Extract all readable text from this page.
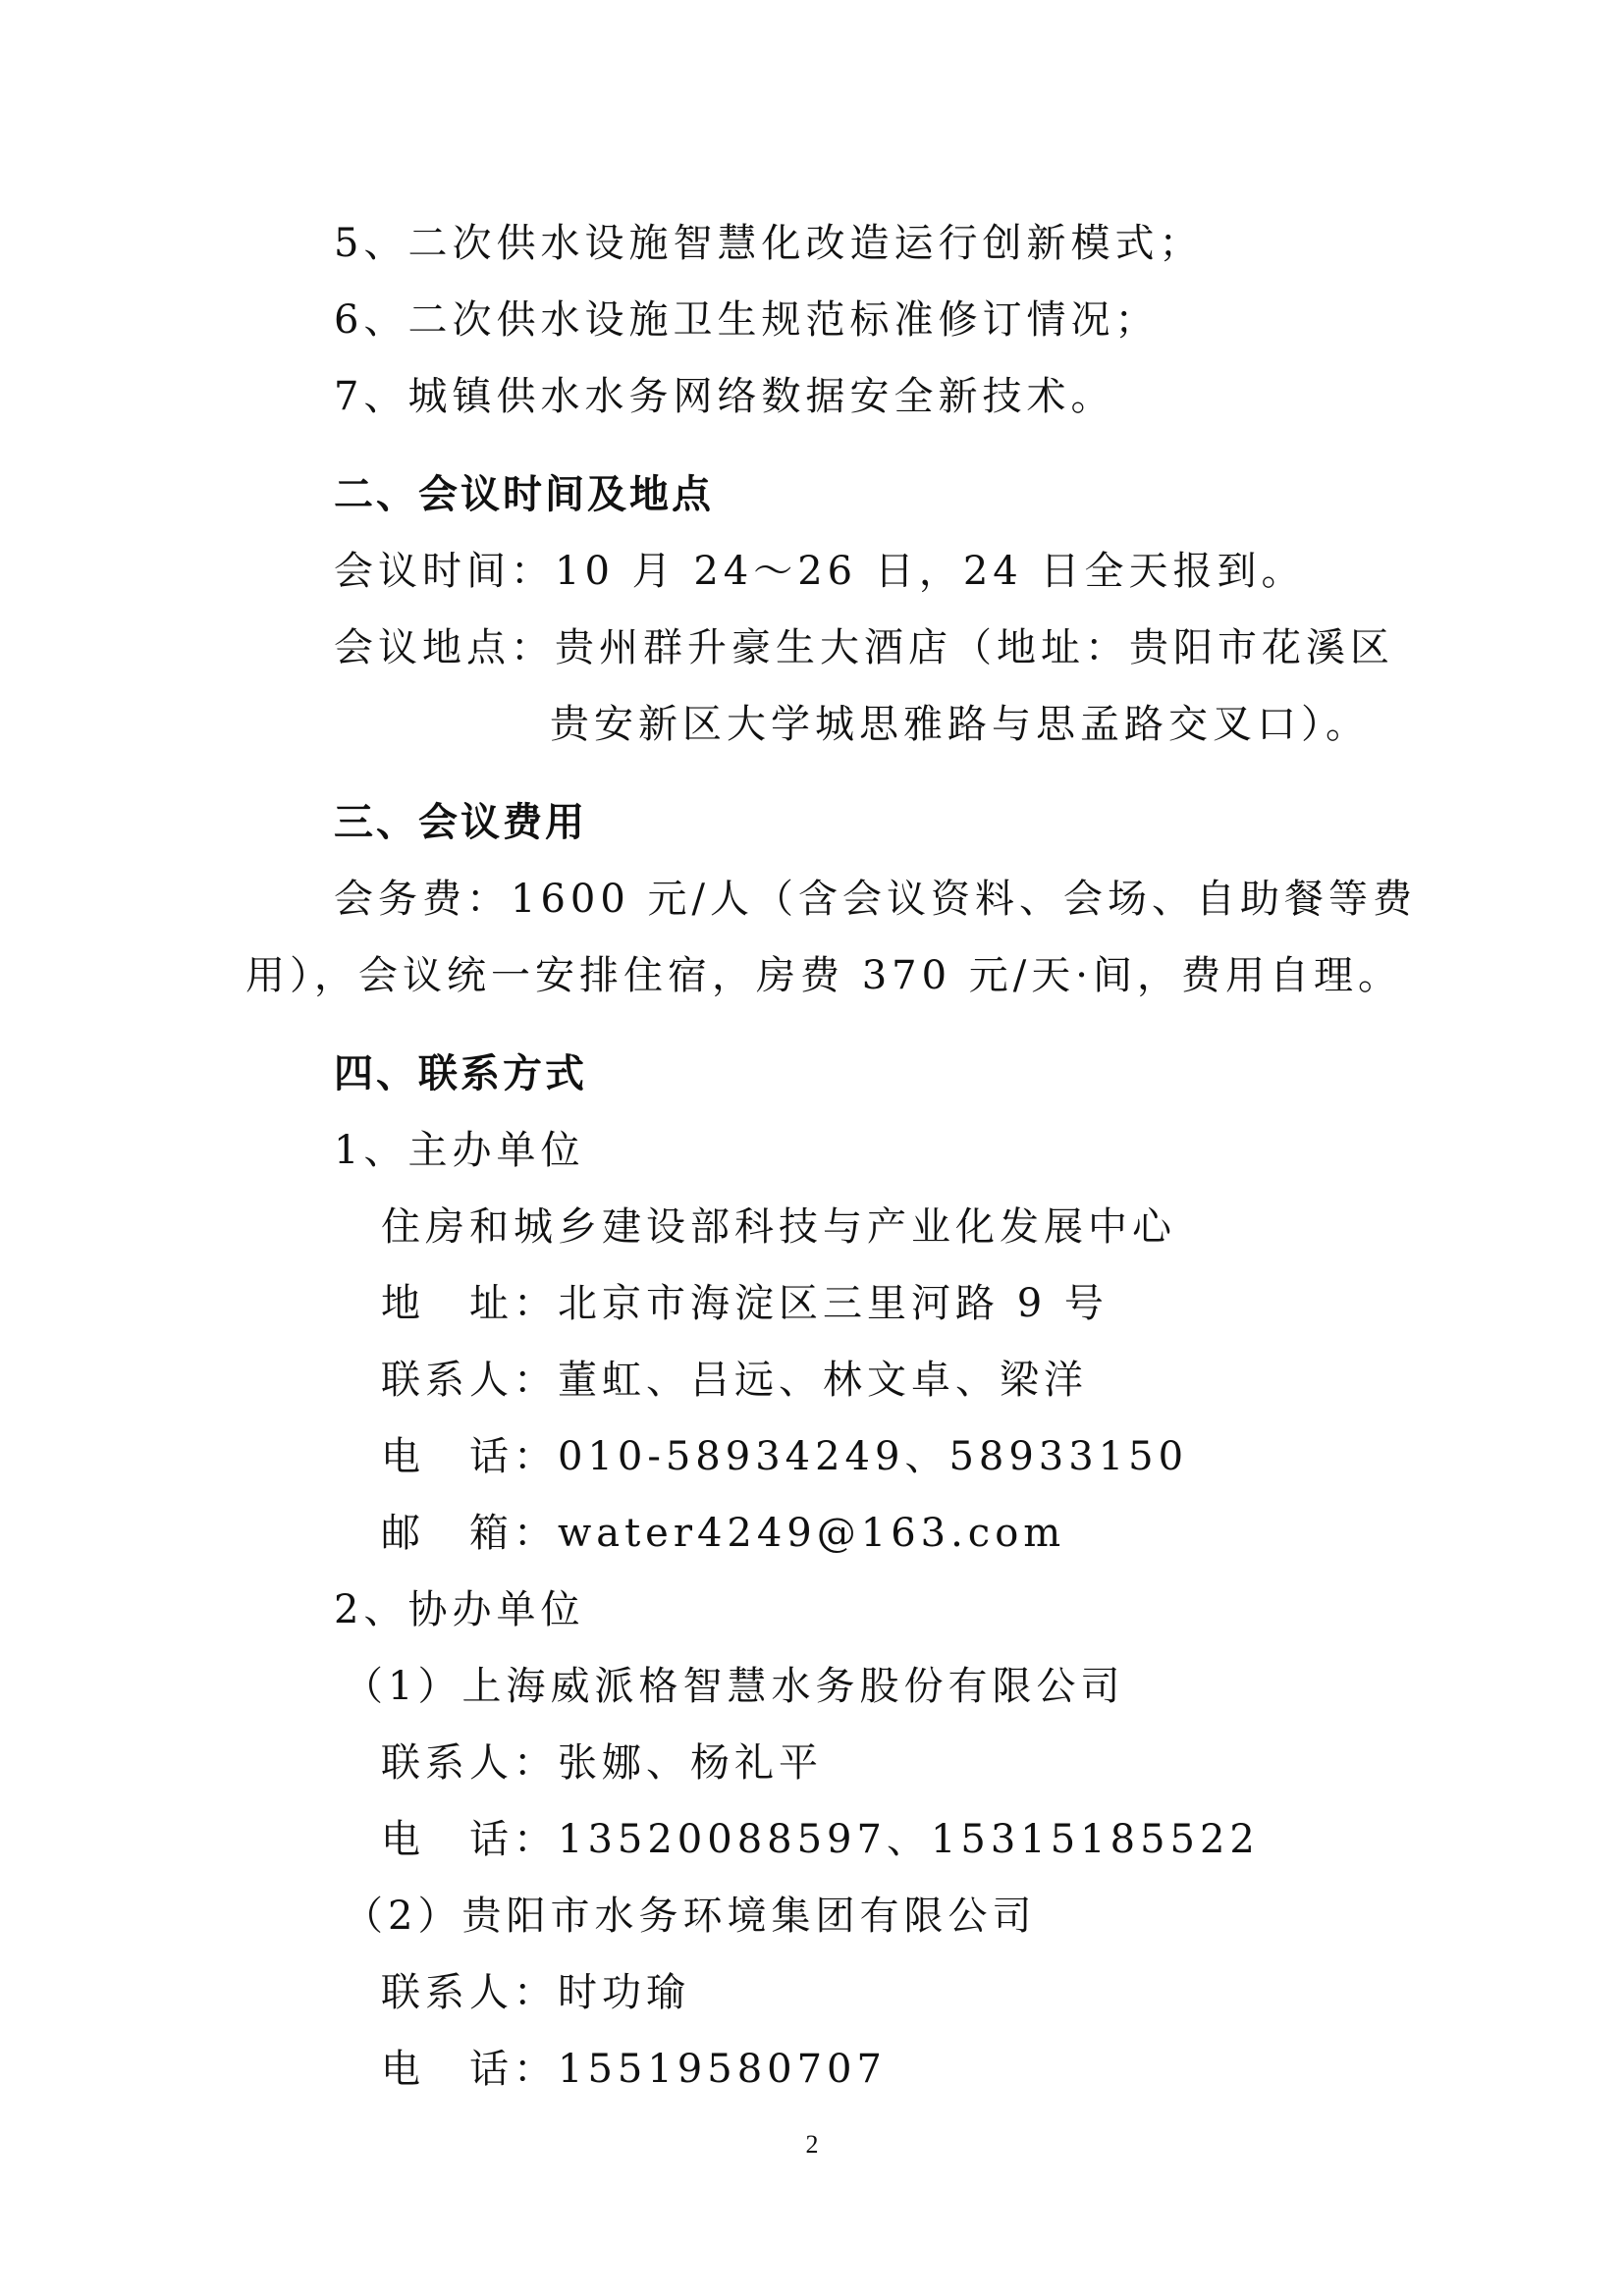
5、二次供水设施智慧化改造运行创新模式；
6、二次供水设施卫生规范标准修订情况；
7、城镇供水水务网络数据安全新技术。
二、会议时间及地点
会议时间：10 月 24～26 日，24 日全天报到。
会议地点：贵州群升豪生大酒店（地址：贵阳市花溪区
贵安新区大学城思雅路与思孟路交叉口）。
三、会议费用
会务费：1600 元/人（含会议资料、会场、自助餐等费
用），会议统一安排住宿，房费 370 元/天·间，费用自理。
四、联系方式
1、主办单位
住房和城乡建设部科技与产业化发展中心
地　址：北京市海淀区三里河路 9 号
联系人：董虹、吕远、林文卓、梁洋
电　话：010-58934249、58933150
邮　箱：water4249@163.com
2、协办单位
（1）上海威派格智慧水务股份有限公司
联系人：张娜、杨礼平
电　话：13520088597、15315185522
（2）贵阳市水务环境集团有限公司
联系人：时功瑜
电　话：15519580707
2
